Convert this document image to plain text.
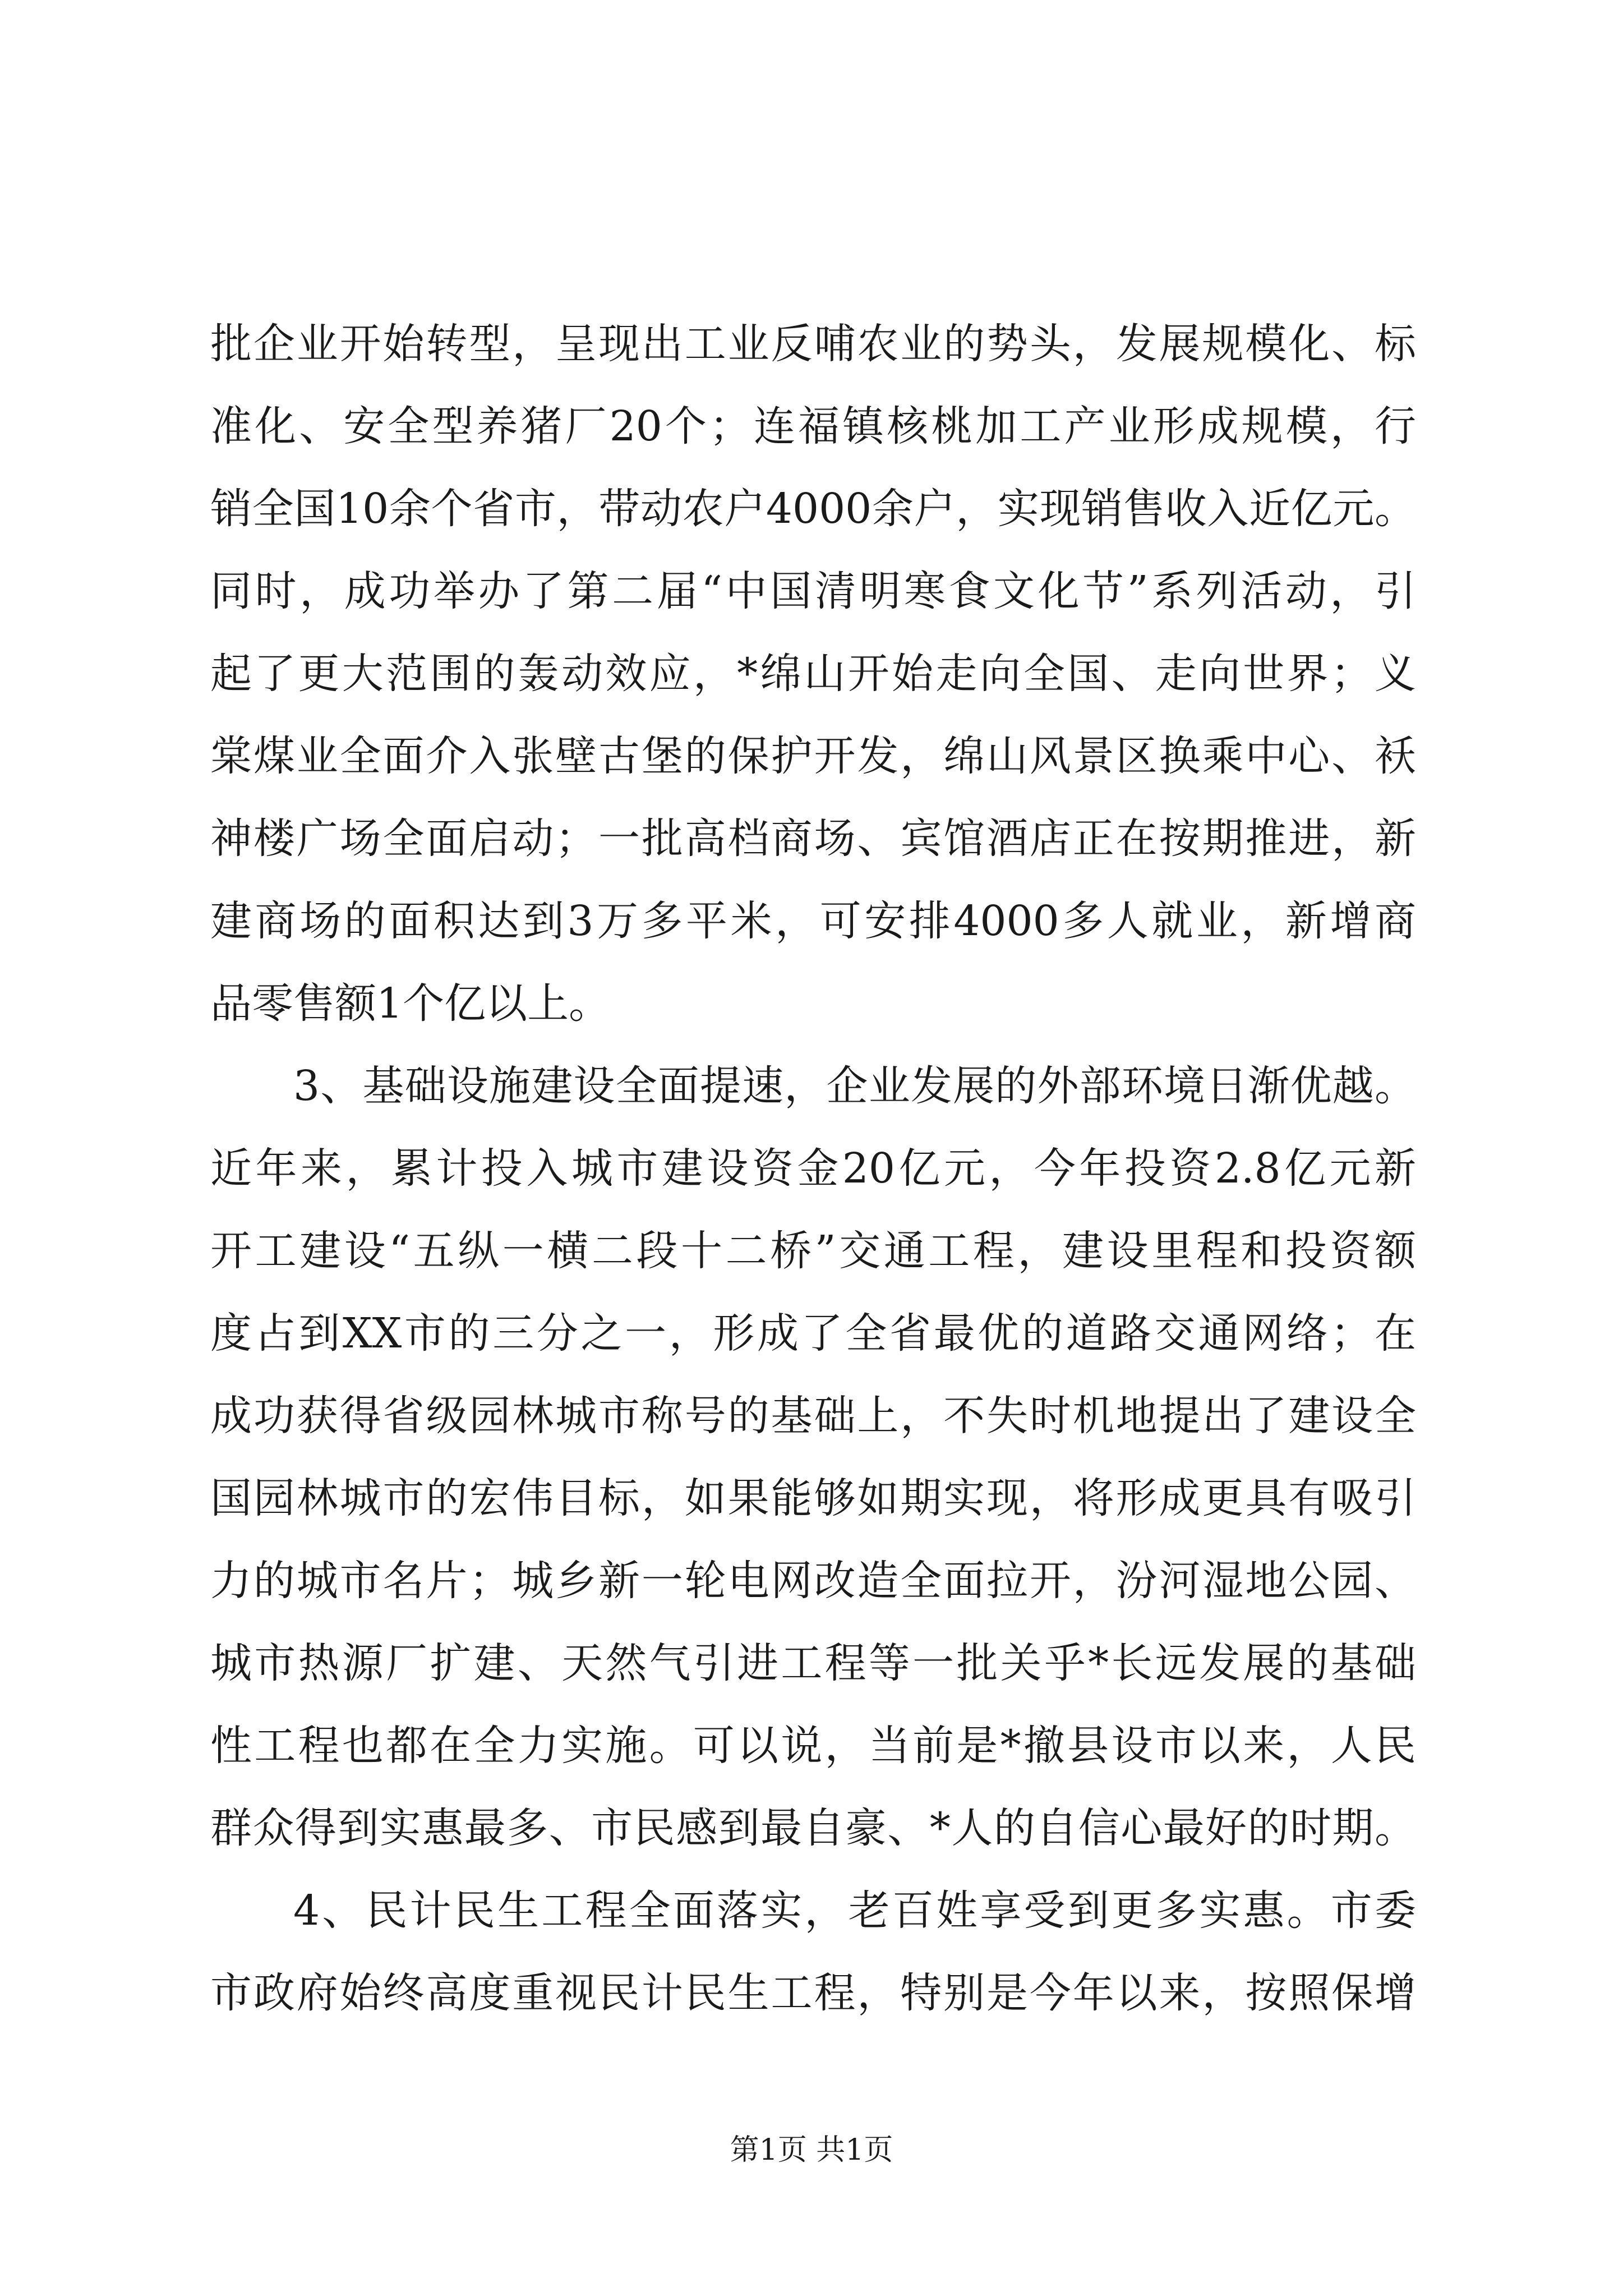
批企业开始转型，呈现出工业反哺农业的势头，发展规模化、标
准化、安全型养猪厂20个；连福镇核桃加工产业形成规模，行
销全国10余个省市，带动农户4000余户，实现销售收入近亿元。
同时，成功举办了第二届“中国清明寒食文化节”系列活动，引
起了更大范围的轰动效应，*绵山开始走向全国、走向世界；义
棠煤业全面介入张壁古堡的保护开发，绵山风景区换乘中心、袄
神楼广场全面启动；一批高档商场、宾馆酒店正在按期推进，新
建商场的面积达到3万多平米，可安排4000多人就业，新增商
品零售额1个亿以上。
3、基础设施建设全面提速，企业发展的外部环境日渐优越。
近年来，累计投入城市建设资金20亿元，今年投资2.8亿元新
开工建设“五纵一横二段十二桥”交通工程，建设里程和投资额
度占到XX市的三分之一，形成了全省最优的道路交通网络；在
成功获得省级园林城市称号的基础上，不失时机地提出了建设全
国园林城市的宏伟目标，如果能够如期实现，将形成更具有吸引
力的城市名片；城乡新一轮电网改造全面拉开，汾河湿地公园、
城市热源厂扩建、天然气引进工程等一批关乎*长远发展的基础
性工程也都在全力实施。可以说，当前是*撤县设市以来，人民
群众得到实惠最多、市民感到最自豪、*人的自信心最好的时期。
4、民计民生工程全面落实，老百姓享受到更多实惠。市委
市政府始终高度重视民计民生工程，特别是今年以来，按照保增
第1页 共1页
